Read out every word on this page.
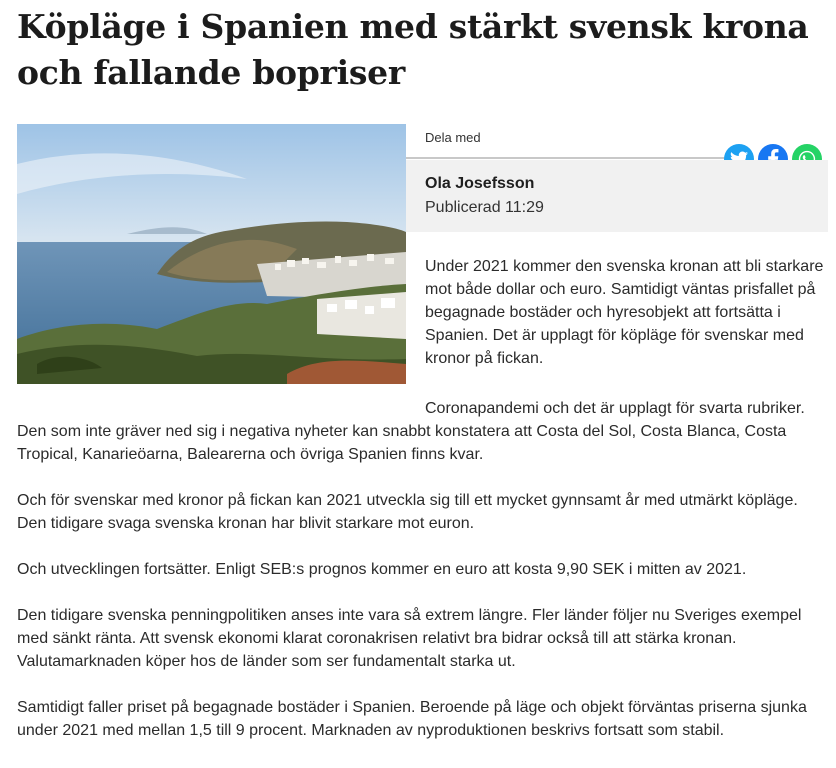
Köpläge i Spanien med stärkt svensk krona och fallande bopriser
Dela med
Ola Josefsson
Publicerad 11:29

Under 2021 kommer den svenska kronan att bli starkare mot både dollar och euro. Samtidigt väntas prisfallet på begagnade bostäder och hyresobjekt att fortsätta i Spanien. Det är upplagt för köpläge för svenskar med kronor på fickan.

Coronapandemi och det är upplagt för svarta rubriker. Den som inte gräver ned sig i negativa nyheter kan snabbt konstatera att Costa del Sol, Costa Blanca, Costa Tropical, Kanarieöarna, Balearerna och övriga Spanien finns kvar.

Och för svenskar med kronor på fickan kan 2021 utveckla sig till ett mycket gynnsamt år med utmärkt köpläge. Den tidigare svaga svenska kronan har blivit starkare mot euron.

Och utvecklingen fortsätter. Enligt SEB:s prognos kommer en euro att kosta 9,90 SEK i mitten av 2021.

Den tidigare svenska penningpolitiken anses inte vara så extrem längre. Fler länder följer nu Sveriges exempel med sänkt ränta. Att svensk ekonomi klarat coronakrisen relativt bra bidrar också till att stärka kronan. Valutamarknaden köper hos de länder som ser fundamentalt starka ut.

Samtidigt faller priset på begagnade bostäder i Spanien. Beroende på läge och objekt förväntas priserna sjunka under 2021 med mellan 1,5 till 9 procent. Marknaden av nyproduktionen beskrivs fortsatt som stabil.
